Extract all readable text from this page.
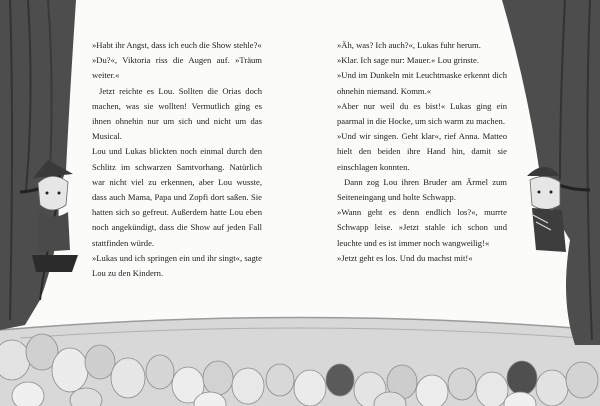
»Habt ihr Angst, dass ich euch die Show stehle?«

»Du?«, Viktoria riss die Augen auf. »Träum weiter.«

Jetzt reichte es Lou. Sollten die Orias doch machen, was sie wollten! Vermutlich ging es ihnen ohnehin nur um sich und nicht um das Musical.

Lou und Lukas blickten noch einmal durch den Schlitz im schwarzen Samtvorhang. Natürlich war nicht viel zu erkennen, aber Lou wusste, dass auch Mama, Papa und Zopfi dort saßen. Sie hatten sich so gefreut. Außerdem hatte Lou eben noch angekündigt, dass die Show auf jeden Fall stattfinden würde.

»Lukas und ich springen ein und ihr singt«, sagte Lou zu den Kindern.

»Äh, was? Ich auch?«, Lukas fuhr herum.

»Klar. Ich sage nur: Mauer.« Lou grinste.

»Und im Dunkeln mit Leuchtmaske erkennt dich ohnehin niemand. Komm.«

»Aber nur weil du es bist!« Lukas ging ein paarmal in die Hocke, um sich warm zu machen.

»Und wir singen. Geht klar«, rief Anna. Matteo hielt den beiden ihre Hand hin, damit sie einschlagen konnten.

Dann zog Lou ihren Bruder am Ärmel zum Seiteneingang und holte Schwapp.

»Wann geht es denn endlich los?«, murrte Schwapp leise. »Jetzt stahle ich schon und leuchte und es ist immer noch wangweilig!«

»Jetzt geht es los. Und du machst mit!«
